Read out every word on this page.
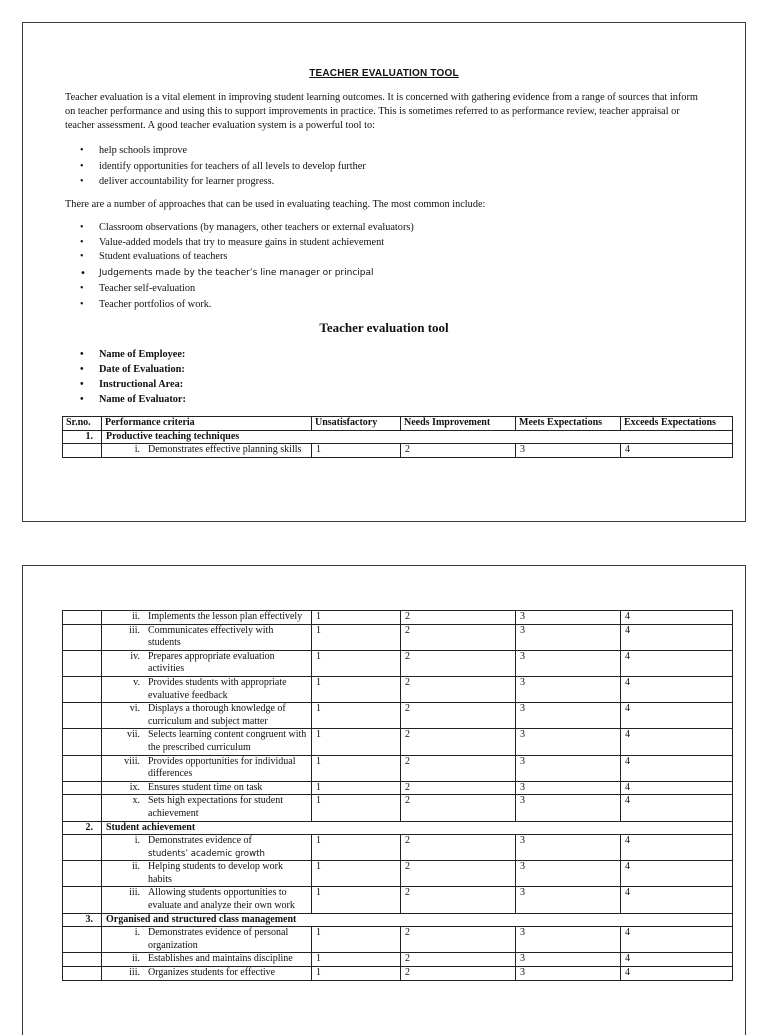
TEACHER EVALUATION TOOL

Teacher evaluation is a vital element in improving student learning outcomes. It is concerned with gathering evidence from a range of sources that inform on teacher performance and using this to support improvements in practice. This is sometimes referred to as performance review, teacher appraisal or teacher assessment. A good teacher evaluation system is a powerful tool to:

• help schools improve
• identify opportunities for teachers of all levels to develop further
• deliver accountability for learner progress.

There are a number of approaches that can be used in evaluating teaching. The most common include:

• Classroom observations (by managers, other teachers or external evaluators)
• Value-added models that try to measure gains in student achievement
• Student evaluations of teachers
• Judgements made by the teacher’s line manager or principal
• Teacher self-evaluation
• Teacher portfolios of work.
Teacher evaluation tool
• Name of Employee:
• Date of Evaluation:
• Instructional Area:
• Name of Evaluator:
Sr.no.	Performance criteria	Unsatisfactory	Needs Improvement	Meets Expectations	Exceeds Expectations
1.	Productive teaching techniques				

	i. Demonstrates effective planning skills	1	2	3	4

	ii. Implements the lesson plan effectively	1	2	3	4

	iii. Communicates effectively with students	1	2	3	4

	iv. Prepares appropriate evaluation activities	1	2	3	4

	v. Provides students with appropriate evaluative feedback	1	2	3	4

	vi. Displays a thorough knowledge of curriculum and subject matter	1	2	3	4

	vii. Selects learning content congruent with the prescribed curriculum	1	2	3	4

	viii. Provides opportunities for individual differences	1	2	3	4

	ix. Ensures student time on task	1	2	3	4

	x. Sets high expectations for student achievement	1	2	3	4
2.	Student achievement				

	i. Demonstrates evidence of
students’ academic growth	1	2	3	4

	ii. Helping students to develop work habits	1	2	3	4

	iii. Allowing students opportunities to evaluate and analyze their own work	1	2	3	4
3.	Organised and structured class management				

	i. Demonstrates evidence of personal organization	1	2	3	4

	ii. Establishes and maintains discipline	1	2	3	4

	iii. Organizes students for effective	1	2	3	4
